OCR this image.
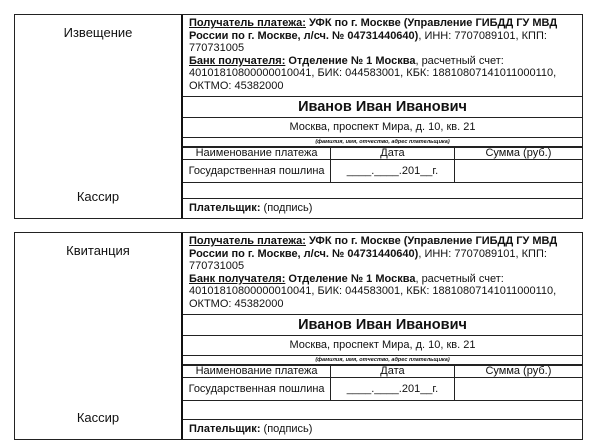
Извещение
Кассир
Получатель платежа: УФК по г. Москве (Управление ГИБДД ГУ МВД России по г. Москве, л/сч. № 04731440640), ИНН: 7707089101, КПП: 770731005
Банк получателя: Отделение № 1 Москва, расчетный счет: 40101810800000010041, БИК: 044583001, КБК: 18810807141011000110, ОКТМО: 45382000
Иванов Иван Иванович
Москва, проспект Мира, д. 10, кв. 21
(фамилия, имя, отчество, адрес плательщика)
Наименование платежа	Дата	Сумма (руб.)
Государственная пошлина	____.____.201__г.	
Плательщик: (подпись)
Квитанция
Кассир
Получатель платежа: УФК по г. Москве (Управление ГИБДД ГУ МВД России по г. Москве, л/сч. № 04731440640), ИНН: 7707089101, КПП: 770731005
Банк получателя: Отделение № 1 Москва, расчетный счет: 40101810800000010041, БИК: 044583001, КБК: 18810807141011000110, ОКТМО: 45382000
Иванов Иван Иванович
Москва, проспект Мира, д. 10, кв. 21
(фамилия, имя, отчество, адрес плательщика)
Наименование платежа	Дата	Сумма (руб.)
Государственная пошлина	____.____.201__г.	
Плательщик: (подпись)
